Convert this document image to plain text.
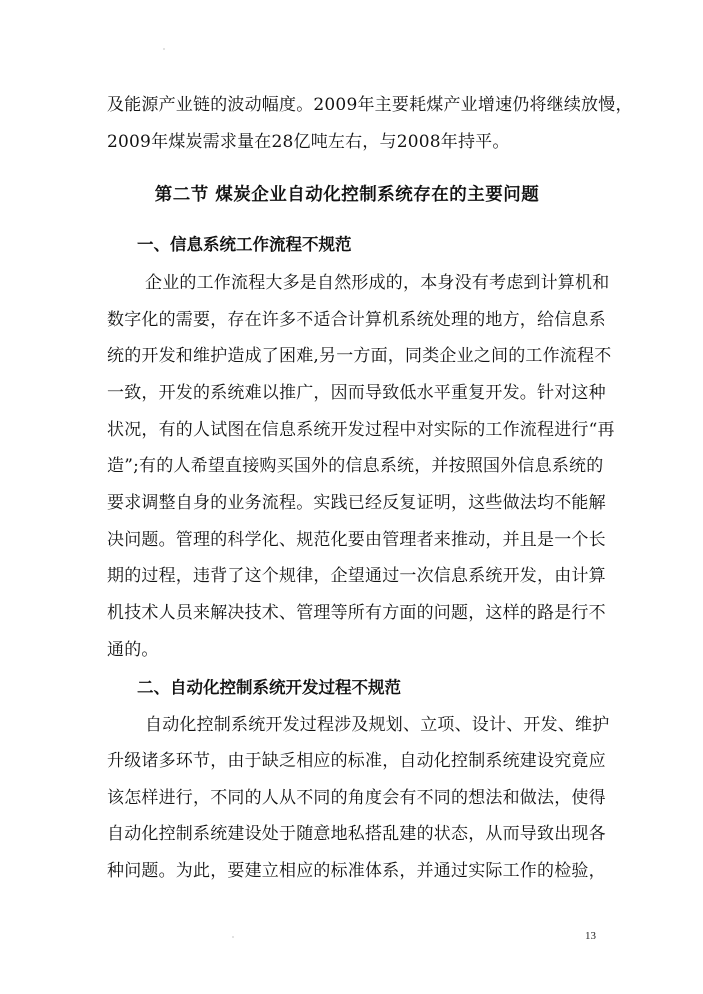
及能源产业链的波动幅度。2009年主要耗煤产业增速仍将继续放慢，
2009年煤炭需求量在28亿吨左右，与2008年持平。
第二节 煤炭企业自动化控制系统存在的主要问题
一、信息系统工作流程不规范
企业的工作流程大多是自然形成的，本身没有考虑到计算机和
数字化的需要，存在许多不适合计算机系统处理的地方，给信息系
统的开发和维护造成了困难,另一方面，同类企业之间的工作流程不
一致，开发的系统难以推广，因而导致低水平重复开发。针对这种
状况，有的人试图在信息系统开发过程中对实际的工作流程进行“再
造”;有的人希望直接购买国外的信息系统，并按照国外信息系统的
要求调整自身的业务流程。实践已经反复证明，这些做法均不能解
决问题。管理的科学化、规范化要由管理者来推动，并且是一个长
期的过程，违背了这个规律，企望通过一次信息系统开发，由计算
机技术人员来解决技术、管理等所有方面的问题，这样的路是行不
通的。
二、自动化控制系统开发过程不规范
自动化控制系统开发过程涉及规划、立项、设计、开发、维护
升级诸多环节，由于缺乏相应的标准，自动化控制系统建设究竟应
该怎样进行，不同的人从不同的角度会有不同的想法和做法，使得
自动化控制系统建设处于随意地私搭乱建的状态，从而导致出现各
种问题。为此，要建立相应的标准体系，并通过实际工作的检验，
13
